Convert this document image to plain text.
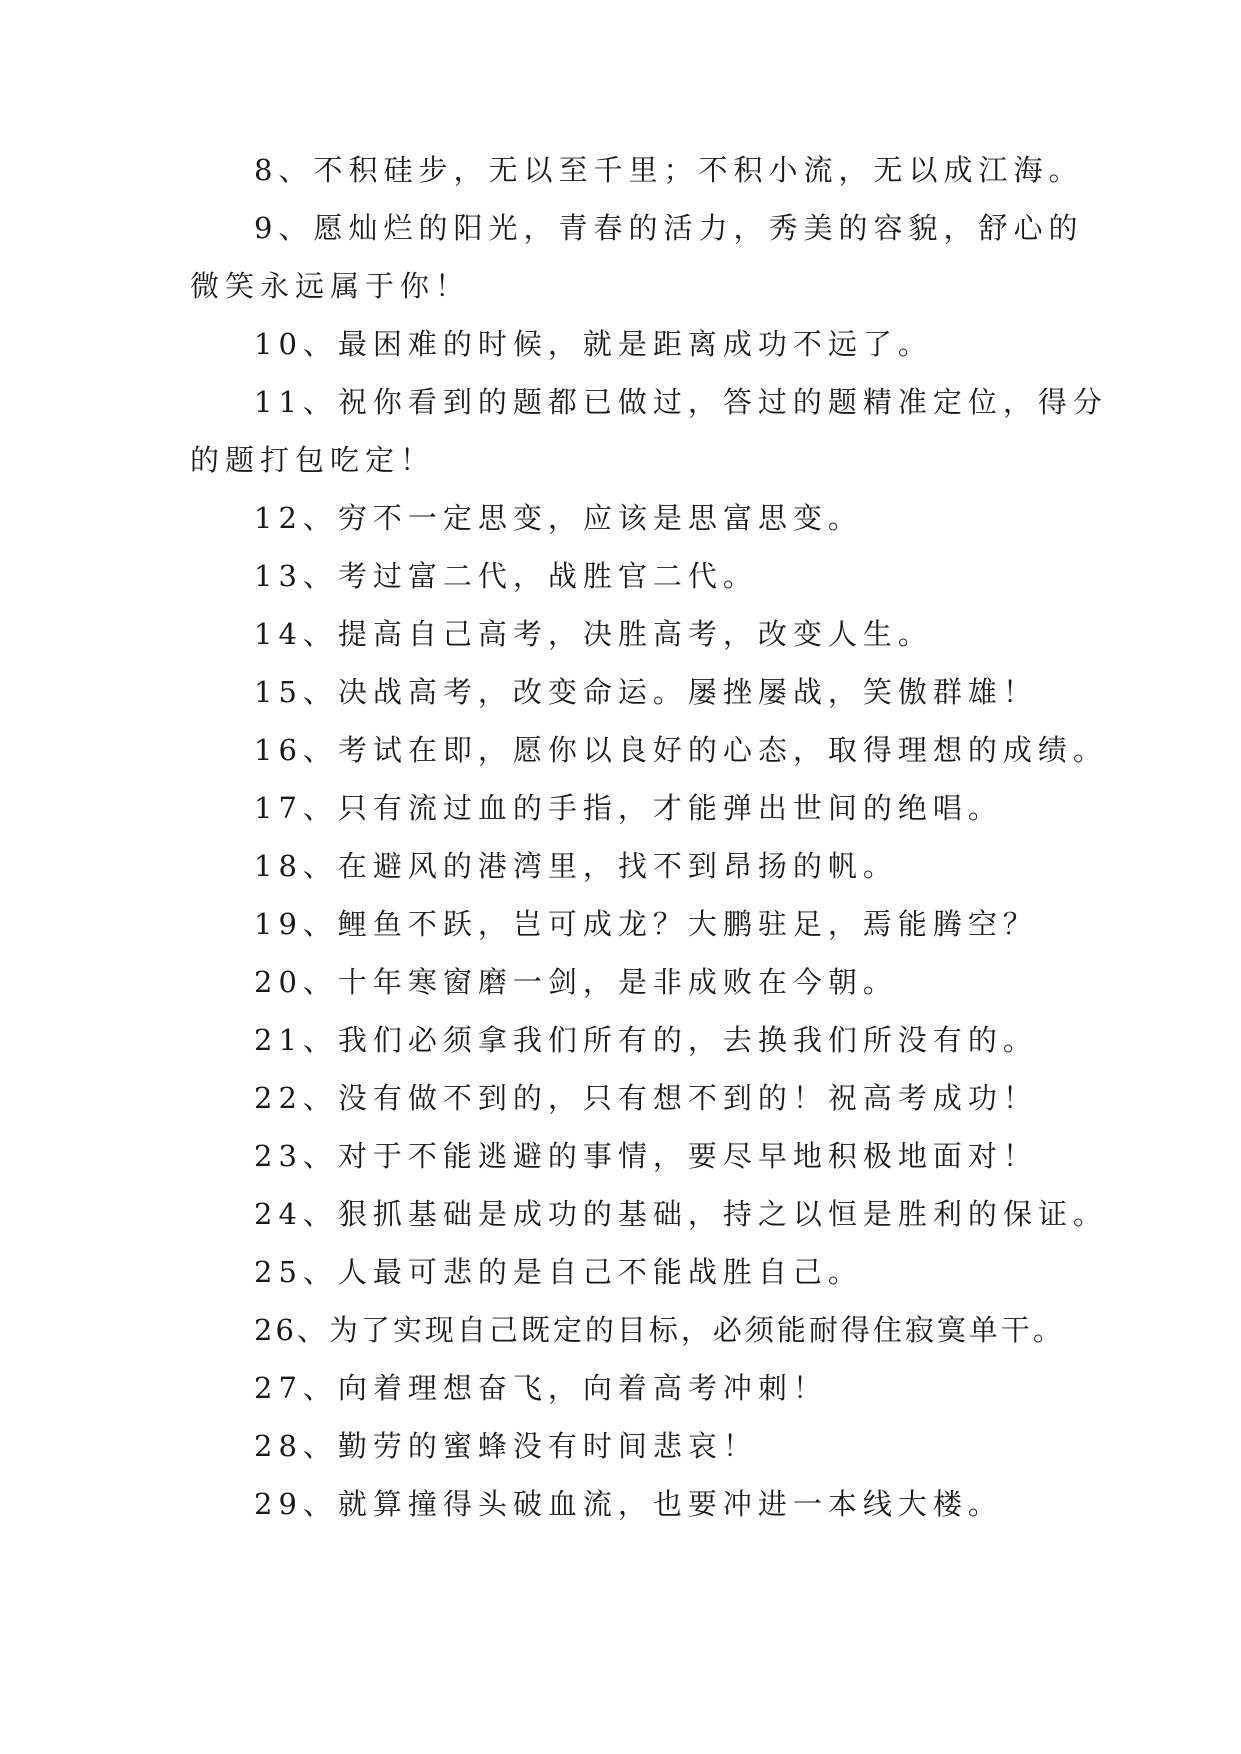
8、不积硅步，无以至千里；不积小流，无以成江海。
9、愿灿烂的阳光，青春的活力，秀美的容貌，舒心的
微笑永远属于你！
10、最困难的时候，就是距离成功不远了。
11、祝你看到的题都已做过，答过的题精准定位，得分
的题打包吃定！
12、穷不一定思变，应该是思富思变。
13、考过富二代，战胜官二代。
14、提高自己高考，决胜高考，改变人生。
15、决战高考，改变命运。屡挫屡战，笑傲群雄！
16、考试在即，愿你以良好的心态，取得理想的成绩。
17、只有流过血的手指，才能弹出世间的绝唱。
18、在避风的港湾里，找不到昂扬的帆。
19、鲤鱼不跃，岂可成龙？大鹏驻足，焉能腾空？
20、十年寒窗磨一剑，是非成败在今朝。
21、我们必须拿我们所有的，去换我们所没有的。
22、没有做不到的，只有想不到的！祝高考成功！
23、对于不能逃避的事情，要尽早地积极地面对！
24、狠抓基础是成功的基础，持之以恒是胜利的保证。
25、人最可悲的是自己不能战胜自己。
26、为了实现自己既定的目标，必须能耐得住寂寞单干。
27、向着理想奋飞，向着高考冲刺！
28、勤劳的蜜蜂没有时间悲哀！
29、就算撞得头破血流，也要冲进一本线大楼。
